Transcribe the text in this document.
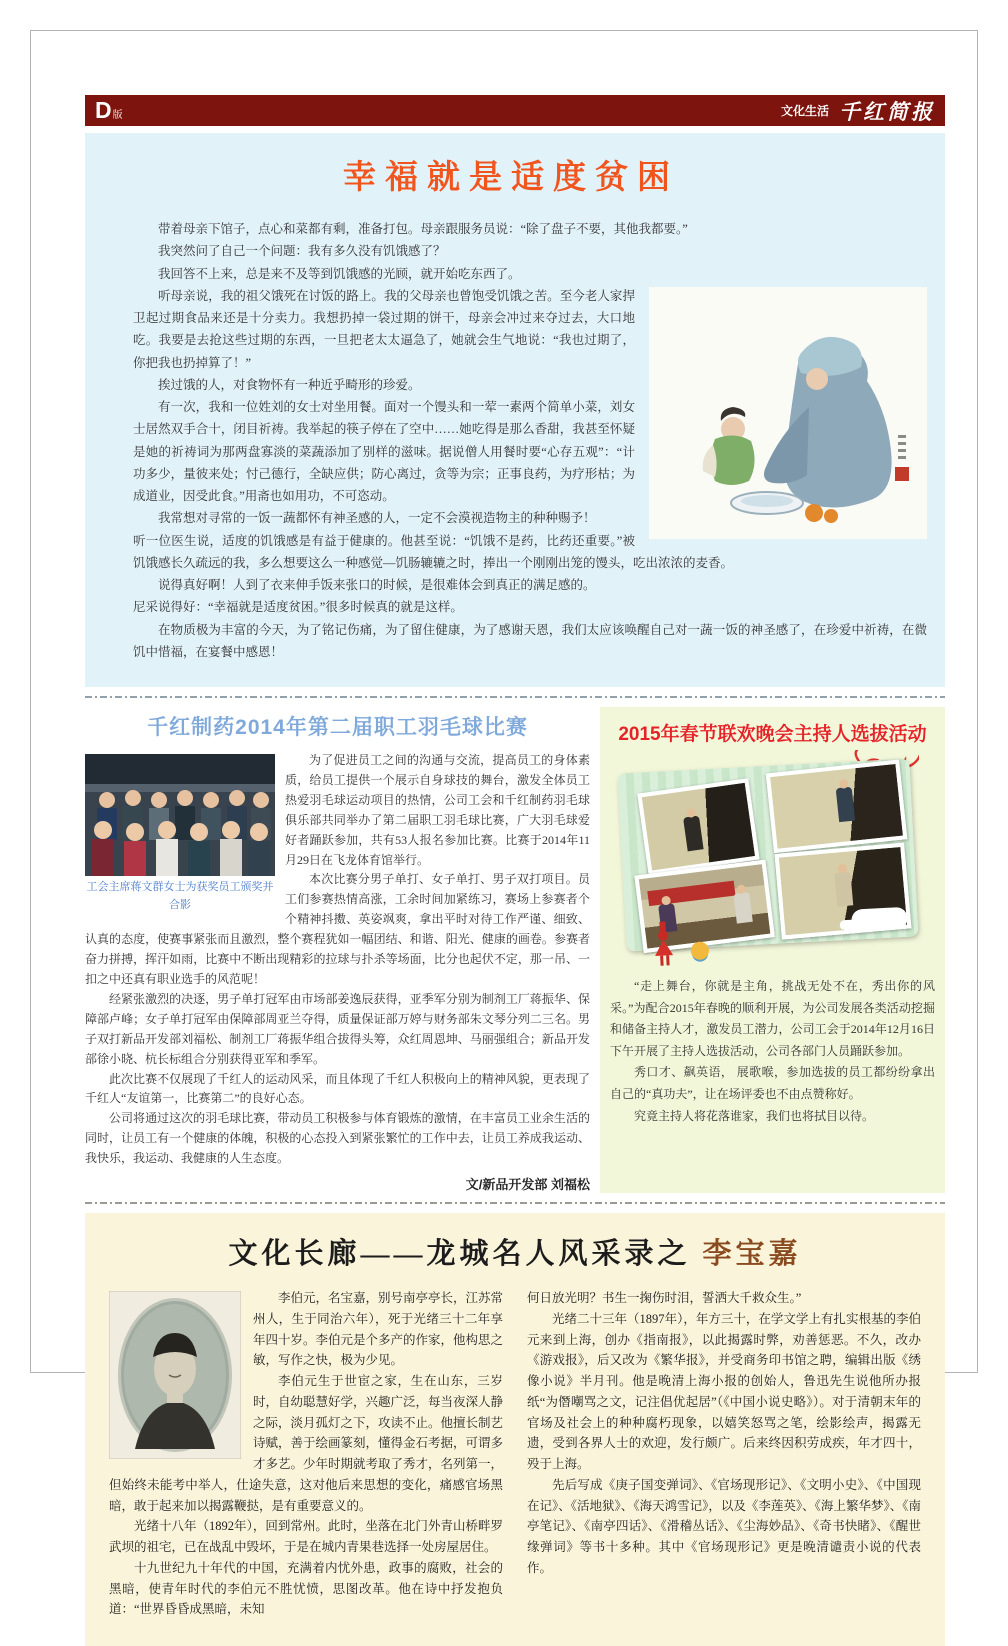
D版	文化生活 千红简报
幸福就是适度贫困

带着母亲下馆子，点心和菜都有剩，准备打包。母亲跟服务员说：“除了盘子不要，其他我都要。”

我突然问了自己一个问题：我有多久没有饥饿感了？

我回答不上来，总是来不及等到饥饿感的光顾，就开始吃东西了。

听母亲说，我的祖父饿死在讨饭的路上。我的父母亲也曾饱受饥饿之苦。至今老人家捍卫起过期食品来还是十分卖力。我想扔掉一袋过期的饼干，母亲会冲过来夺过去，大口地吃。我要是去抢这些过期的东西，一旦把老太太逼急了，她就会生气地说：“我也过期了，你把我也扔掉算了！”

挨过饿的人，对食物怀有一种近乎畸形的珍爱。

有一次，我和一位姓刘的女士对坐用餐。面对一个馒头和一荤一素两个简单小菜，刘女士居然双手合十，闭目祈祷。我举起的筷子停在了空中……她吃得是那么香甜，我甚至怀疑是她的祈祷词为那两盘寡淡的菜蔬添加了别样的滋味。据说僧人用餐时要“心存五观”：“计功多少，量彼来处；忖己德行，全缺应供；防心离过，贪等为宗；正事良药，为疗形枯；为成道业，因受此食。”用斋也如用功，不可恣动。

我常想对寻常的一饭一蔬都怀有神圣感的人，一定不会漠视造物主的种种赐予！

听一位医生说，适度的饥饿感是有益于健康的。他甚至说：“饥饿不是药，比药还重要。”被饥饿感长久疏远的我，多么想要这么一种感觉—饥肠辘辘之时，捧出一个刚刚出笼的馒头，吃出浓浓的麦香。

说得真好啊！人到了衣来伸手饭来张口的时候，是很难体会到真正的满足感的。

尼采说得好：“幸福就是适度贫困。”很多时候真的就是这样。

在物质极为丰富的今天，为了铭记伤痛，为了留住健康，为了感谢天恩，我们太应该唤醒自己对一蔬一饭的神圣感了，在珍爱中祈祷，在微饥中惜福，在宴餐中感恩！

千红制药2014年第二届职工羽毛球比赛
工会主席蒋文群女士为获奖员工颁奖并合影

为了促进员工之间的沟通与交流，提高员工的身体素质，给员工提供一个展示自身球技的舞台，激发全体员工热爱羽毛球运动项目的热情，公司工会和千红制药羽毛球俱乐部共同举办了第二届职工羽毛球比赛，广大羽毛球爱好者踊跃参加，共有53人报名参加比赛。比赛于2014年11月29日在飞龙体育馆举行。

本次比赛分男子单打、女子单打、男子双打项目。员工们参赛热情高涨，工余时间加紧练习，赛场上参赛者个个精神抖擞、英姿飒爽，拿出平时对待工作严谨、细致、认真的态度，使赛事紧张而且激烈，整个赛程犹如一幅团结、和谐、阳光、健康的画卷。参赛者奋力拼搏，挥汗如雨，比赛中不断出现精彩的拉球与扑杀等场面，比分也起伏不定，那一吊、一扣之中还真有职业选手的风范呢！

经紧张激烈的决逐，男子单打冠军由市场部姜逸辰获得，亚季军分别为制剂工厂蒋振华、保障部卢峰；女子单打冠军由保障部周亚兰夺得，质量保证部万婷与财务部朱文琴分列二三名。男子双打新品开发部刘福松、制剂工厂蒋振华组合拔得头筹，众红周恩坤、马丽强组合；新品开发部徐小晓、杭长标组合分别获得亚军和季军。

此次比赛不仅展现了千红人的运动风采，而且体现了千红人积极向上的精神风貌，更表现了千红人“友谊第一，比赛第二”的良好心态。

公司将通过这次的羽毛球比赛，带动员工积极参与体育锻炼的激情，在丰富员工业余生活的同时，让员工有一个健康的体魄，积极的心态投入到紧张繁忙的工作中去，让员工养成我运动、我快乐，我运动、我健康的人生态度。

文/新品开发部 刘福松
2015年春节联欢晚会主持人选拔活动

“走上舞台，你就是主角，挑战无处不在，秀出你的风采。”为配合2015年春晚的顺利开展，为公司发展各类活动挖掘和储备主持人才，激发员工潜力，公司工会于2014年12月16日下午开展了主持人选拔活动，公司各部门人员踊跃参加。

秀口才、飙英语， 展歌喉，参加选拔的员工都纷纷拿出自己的“真功夫”，让在场评委也不由点赞称好。

究竟主持人将花落谁家，我们也将拭目以待。

文化长廊——龙城名人风采录之 李宝嘉

李伯元，名宝嘉，别号南亭亭长，江苏常州人，生于同治六年），死于光绪三十二年享年四十岁。李伯元是个多产的作家，他构思之敏，写作之快，极为少见。

李伯元生于世宦之家，生在山东，三岁时，自幼聪慧好学，兴趣广泛，每当夜深人静之际，淡月孤灯之下，攻读不止。他擅长制艺诗赋，善于绘画篆刻，懂得金石考据，可谓多才多艺。少年时期就考取了秀才，名列第一，但始终未能考中举人，仕途失意，这对他后来思想的变化，痛感官场黑暗，敢于起来加以揭露鞭挞，是有重要意义的。

光绪十八年（1892年），回到常州。此时，坐落在北门外青山桥畔罗武坝的祖宅，已在战乱中毁坏，于是在城内青果巷选择一处房屋居住。

十九世纪九十年代的中国，充满着内忧外患，政事的腐败，社会的黑暗，使青年时代的李伯元不胜忧愤，思图改革。他在诗中抒发抱负道：“世界昏昏成黑暗，未知

何日放光明？书生一掬伤时泪，誓洒大千救众生。”

光绪二十三年（1897年），年方三十，在学文学上有扎实根基的李伯元来到上海，创办《指南报》，以此揭露时弊，劝善惩恶。不久，改办《游戏报》，后又改为《繁华报》，并受商务印书馆之聘，编辑出版《绣像小说》半月刊。他是晚清上海小报的创始人，鲁迅先生说他所办报纸“为僭嘲骂之文，记注倡优起居”（《中国小说史略》）。对于清朝末年的官场及社会上的种种腐朽现象，以嬉笑怒骂之笔，绘影绘声，揭露无遗，受到各界人士的欢迎，发行颇广。后来终因积劳成疾，年才四十，殁于上海。

先后写成《庚子国变弹词》、《官场现形记》、《文明小史》、《中国现在记》、《活地狱》、《海天鸿雪记》，以及《李莲英》、《海上繁华梦》、《南亭笔记》、《南亭四话》、《滑稽丛话》、《尘海妙品》、《奇书快睹》、《醒世缘弹词》等书十多种。其中《官场现形记》更是晚清谴责小说的代表作。
